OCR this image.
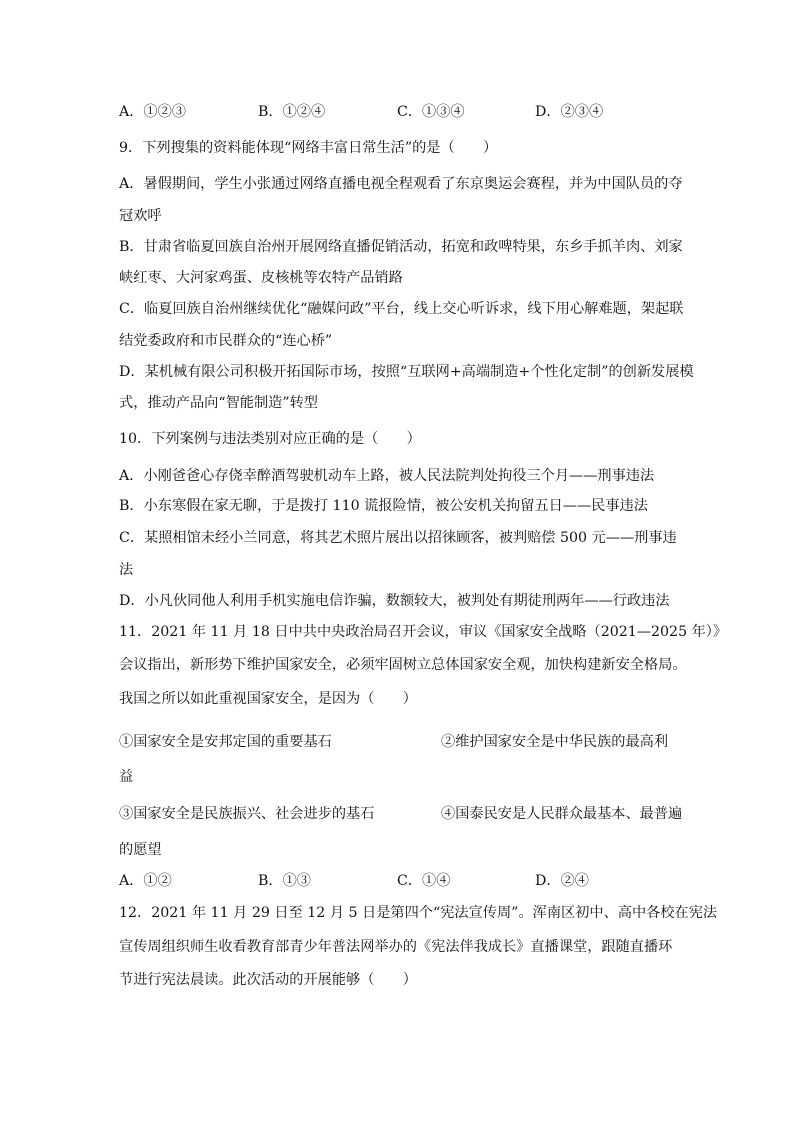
A．①②③	B．①②④	C．①③④	D．②③④
9．下列搜集的资料能体现“网络丰富日常生活”的是（　　）
A．暑假期间，学生小张通过网络直播电视全程观看了东京奥运会赛程，并为中国队员的夺
冠欢呼
B．甘肃省临夏回族自治州开展网络直播促销活动，拓宽和政啤特果，东乡手抓羊肉、刘家
峡红枣、大河家鸡蛋、皮核桃等农特产品销路
C．临夏回族自治州继续优化“融媒问政”平台，线上交心听诉求，线下用心解难题，架起联
结党委政府和市民群众的“连心桥”
D．某机械有限公司积极开拓国际市场，按照“互联网+高端制造+个性化定制”的创新发展模
式，推动产品向“智能制造”转型
10．下列案例与违法类别对应正确的是（　　）
A．小刚爸爸心存侥幸醉酒驾驶机动车上路，被人民法院判处拘役三个月——刑事违法
B．小东寒假在家无聊，于是拨打 110 谎报险情，被公安机关拘留五日——民事违法
C．某照相馆未经小兰同意，将其艺术照片展出以招徕顾客，被判赔偿 500 元——刑事违
法
D．小凡伙同他人利用手机实施电信诈骗，数额较大，被判处有期徒刑两年——行政违法
11．2021 年 11 月 18 日中共中央政治局召开会议，审议《国家安全战略（2021—2025 年）》
会议指出，新形势下维护国家安全，必须牢固树立总体国家安全观，加快构建新安全格局。
我国之所以如此重视国家安全，是因为（　　）
①国家安全是安邦定国的重要基石	②维护国家安全是中华民族的最高利
益
③国家安全是民族振兴、社会进步的基石	④国泰民安是人民群众最基本、最普遍
的愿望
A．①②	B．①③	C．①④	D．②④
12．2021 年 11 月 29 日至 12 月 5 日是第四个“宪法宣传周”。浑南区初中、高中各校在宪法
宣传周组织师生收看教育部青少年普法网举办的《宪法伴我成长》直播课堂，跟随直播环
节进行宪法晨读。此次活动的开展能够（　　）
